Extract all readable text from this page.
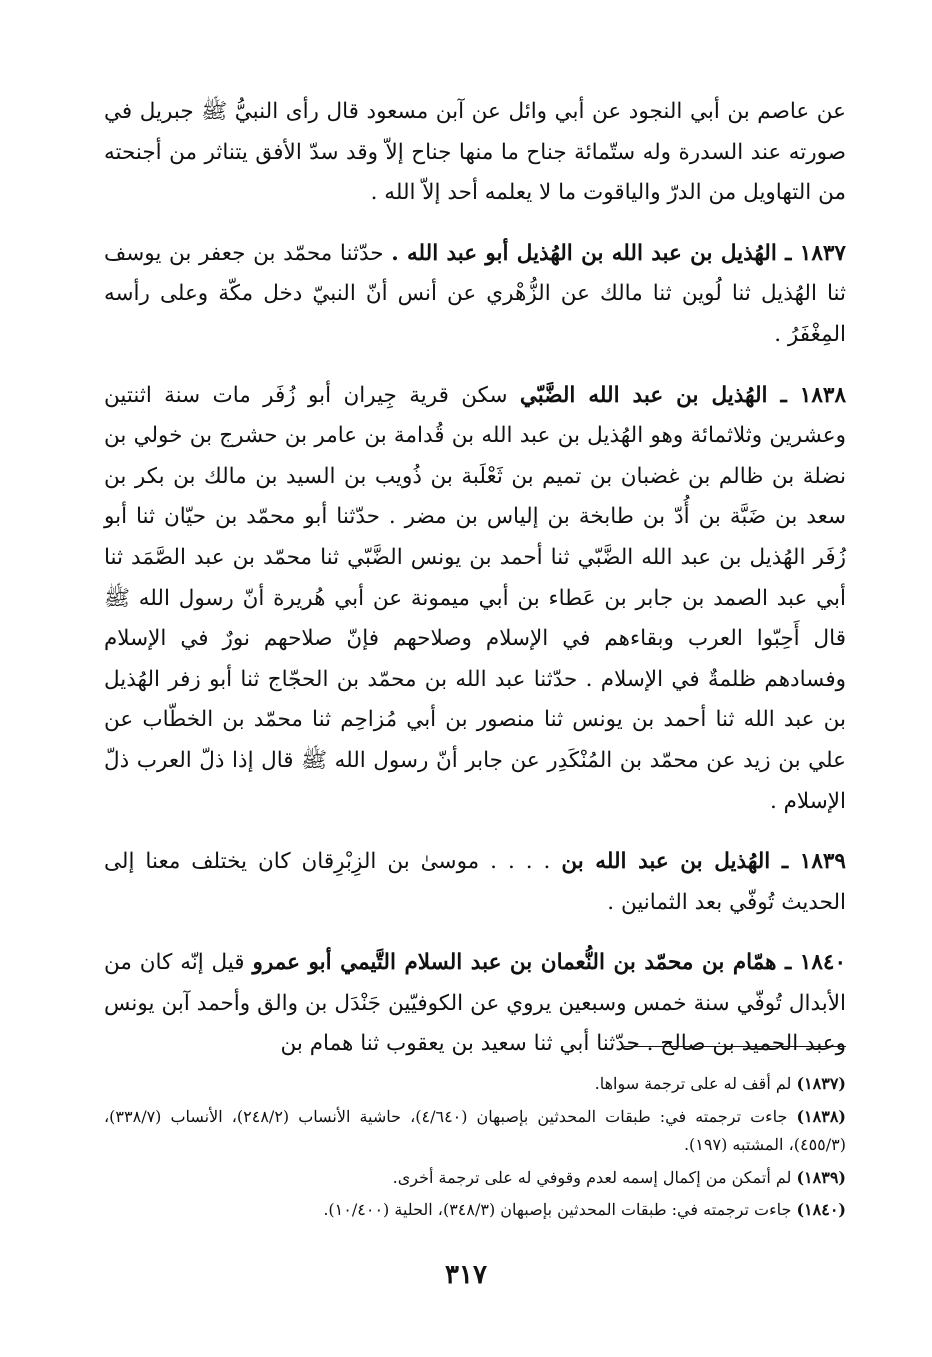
عن عاصم بن أبي النجود عن أبي وائل عن آبن مسعود قال رأى النبيُّ ﷺ جبريل في صورته عند السدرة وله ستّمائة جناح ما منها جناح إلاّ وقد سدّ الأفق يتناثر من أجنحته من التهاويل من الدرّ والياقوت ما لا يعلمه أحد إلاّ الله .

١٨٣٧ ـ الهُذيل بن عبد الله بن الهُذيل أبو عبد الله . حدّثنا محمّد بن جعفر بن يوسف ثنا الهُذيل ثنا لُوين ثنا مالك عن الزُّهْري عن أنس أنّ النبيّ دخل مكّة وعلى رأسه المِغْفَرُ .

١٨٣٨ ـ الهُذيل بن عبد الله الضَّبّي سكن قرية جِيران أبو زُفَر مات سنة اثنتين وعشرين وثلاثمائة وهو الهُذيل بن عبد الله بن قُدامة بن عامر بن حشرج بن خولي بن نضلة بن ظالم بن غضبان بن تميم بن ثَعْلَبة بن ذُويب بن السيد بن مالك بن بكر بن سعد بن ضَبَّة بن أُدّ بن طابخة بن إلياس بن مضر . حدّثنا أبو محمّد بن حيّان ثنا أبو زُفَر الهُذيل بن عبد الله الضَّبّي ثنا أحمد بن يونس الضَّبّي ثنا محمّد بن عبد الصَّمَد ثنا أبي عبد الصمد بن جابر بن عَطاء بن أبي ميمونة عن أبي هُريرة أنّ رسول الله ﷺ قال أَحِبّوا العرب وبقاءهم في الإسلام وصلاحهم فإنّ صلاحهم نورٌ في الإسلام وفسادهم ظلمةٌ في الإسلام . حدّثنا عبد الله بن محمّد بن الحجّاج ثنا أبو زفر الهُذيل بن عبد الله ثنا أحمد بن يونس ثنا منصور بن أبي مُزاحِم ثنا محمّد بن الخطّاب عن علي بن زيد عن محمّد بن المُنْكَدِر عن جابر أنّ رسول الله ﷺ قال إذا ذلّ العرب ذلّ الإسلام .

١٨٣٩ ـ الهُذيل بن عبد الله بن . . . . موسىٰ بن الزِبْرِقان كان يختلف معنا إلى الحديث تُوفّي بعد الثمانين .

١٨٤٠ ـ همّام بن محمّد بن النُّعمان بن عبد السلام التَّيمي أبو عمرو قيل إنّه كان من الأبدال تُوفّي سنة خمس وسبعين يروي عن الكوفيّين جَنْدَل بن والق وأحمد آبن يونس وعبد الحميد بن صالح . حدّثنا أبي ثنا سعيد بن يعقوب ثنا همام بن

(١٨٣٧) لم أقف له على ترجمة سواها.

(١٨٣٨) جاءت ترجمته في: طبقات المحدثين بإصبهان (٤/٦٤٠)، حاشية الأنساب (٢٤٨/٢)، الأنساب (٣٣٨/٧)، (٤٥٥/٣)، المشتبه (١٩٧).

(١٨٣٩) لم أتمكن من إكمال إسمه لعدم وقوفي له على ترجمة أخرى.

(١٨٤٠) جاءت ترجمته في: طبقات المحدثين بإصبهان (٣٤٨/٣)، الحلية (١٠/٤٠٠).

٣١٧
